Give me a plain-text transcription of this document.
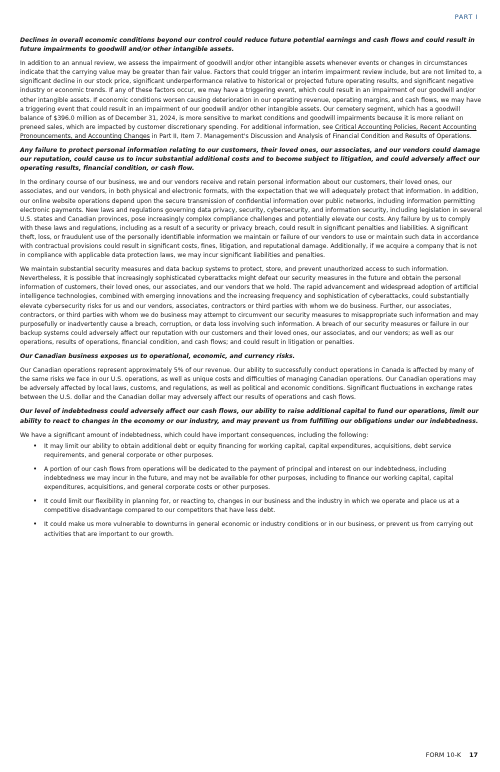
PART I
Declines in overall economic conditions beyond our control could reduce future potential earnings and cash flows and could result in future impairments to goodwill and/or other intangible assets.

In addition to an annual review, we assess the impairment of goodwill and/or other intangible assets whenever events or changes in circumstances indicate that the carrying value may be greater than fair value. Factors that could trigger an interim impairment review include, but are not limited to, a significant decline in our stock price, significant underperformance relative to historical or projected future operating results, and significant negative industry or economic trends. If any of these factors occur, we may have a triggering event, which could result in an impairment of our goodwill and/or other intangible assets. If economic conditions worsen causing deterioration in our operating revenue, operating margins, and cash flows, we may have a triggering event that could result in an impairment of our goodwill and/or other intangible assets. Our cemetery segment, which has a goodwill balance of $396.0 million as of December 31, 2024, is more sensitive to market conditions and goodwill impairments because it is more reliant on preneed sales, which are impacted by customer discretionary spending. For additional information, see Critical Accounting Policies, Recent Accounting Pronouncements, and Accounting Changes in Part II, Item 7. Management's Discussion and Analysis of Financial Condition and Results of Operations.

Any failure to protect personal information relating to our customers, their loved ones, our associates, and our vendors could damage our reputation, could cause us to incur substantial additional costs and to become subject to litigation, and could adversely affect our operating results, financial condition, or cash flow.

In the ordinary course of our business, we and our vendors receive and retain personal information about our customers, their loved ones, our associates, and our vendors, in both physical and electronic formats, with the expectation that we will adequately protect that information. In addition, our online website operations depend upon the secure transmission of confidential information over public networks, including information permitting electronic payments. New laws and regulations governing data privacy, security, cybersecurity, and information security, including legislation in several U.S. states and Canadian provinces, pose increasingly complex compliance challenges and potentially elevate our costs. Any failure by us to comply with these laws and regulations, including as a result of a security or privacy breach, could result in significant penalties and liabilities. A significant theft, loss, or fraudulent use of the personally identifiable information we maintain or failure of our vendors to use or maintain such data in accordance with contractual provisions could result in significant costs, fines, litigation, and reputational damage. Additionally, if we acquire a company that is not in compliance with applicable data protection laws, we may incur significant liabilities and penalties.

We maintain substantial security measures and data backup systems to protect, store, and prevent unauthorized access to such information. Nevertheless, it is possible that increasingly sophisticated cyberattacks might defeat our security measures in the future and obtain the personal information of customers, their loved ones, our associates, and our vendors that we hold. The rapid advancement and widespread adoption of artificial intelligence technologies, combined with emerging innovations and the increasing frequency and sophistication of cyberattacks, could substantially elevate cybersecurity risks for us and our vendors, associates, contractors or third parties with whom we do business. Further, our associates, contractors, or third parties with whom we do business may attempt to circumvent our security measures to misappropriate such information and may purposefully or inadvertently cause a breach, corruption, or data loss involving such information. A breach of our security measures or failure in our backup systems could adversely affect our reputation with our customers and their loved ones, our associates, and our vendors; as well as our operations, results of operations, financial condition, and cash flows; and could result in litigation or penalties.

Our Canadian business exposes us to operational, economic, and currency risks.

Our Canadian operations represent approximately 5% of our revenue. Our ability to successfully conduct operations in Canada is affected by many of the same risks we face in our U.S. operations, as well as unique costs and difficulties of managing Canadian operations. Our Canadian operations may be adversely affected by local laws, customs, and regulations, as well as political and economic conditions. Significant fluctuations in exchange rates between the U.S. dollar and the Canadian dollar may adversely affect our results of operations and cash flows.

Our level of indebtedness could adversely affect our cash flows, our ability to raise additional capital to fund our operations, limit our ability to react to changes in the economy or our industry, and may prevent us from fulfilling our obligations under our indebtedness.

We have a significant amount of indebtedness, which could have important consequences, including the following:

• It may limit our ability to obtain additional debt or equity financing for working capital, capital expenditures, acquisitions, debt service requirements, and general corporate or other purposes.
• A portion of our cash flows from operations will be dedicated to the payment of principal and interest on our indebtedness, including indebtedness we may incur in the future, and may not be available for other purposes, including to finance our working capital, capital expenditures, acquisitions, and general corporate costs or other purposes.
• It could limit our flexibility in planning for, or reacting to, changes in our business and the industry in which we operate and place us at a competitive disadvantage compared to our competitors that have less debt.
• It could make us more vulnerable to downturns in general economic or industry conditions or in our business, or prevent us from carrying out activities that are important to our growth.
FORM 10-K 17
